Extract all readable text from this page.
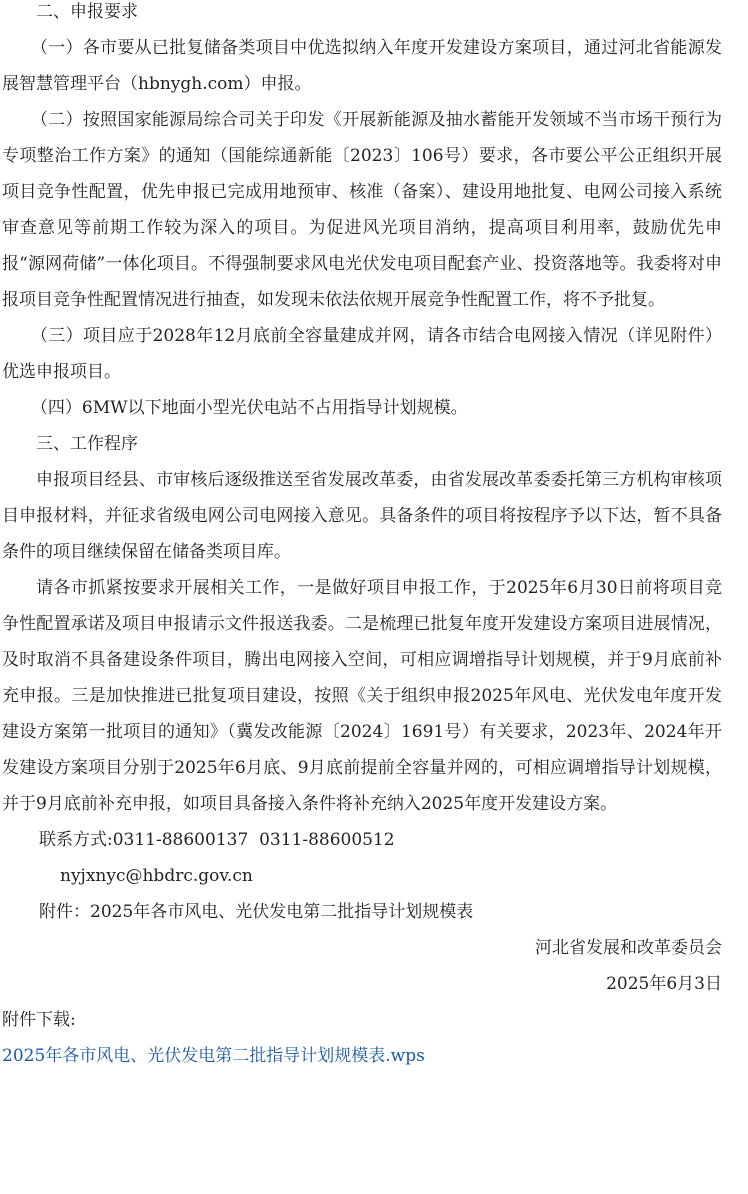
二、申报要求

（一）各市要从已批复储备类项目中优选拟纳入年度开发建设方案项目，通过河北省能源发展智慧管理平台（hbnygh.com）申报。

（二）按照国家能源局综合司关于印发《开展新能源及抽水蓄能开发领域不当市场干预行为专项整治工作方案》的通知（国能综通新能〔2023〕106号）要求，各市要公平公正组织开展项目竞争性配置，优先申报已完成用地预审、核准（备案）、建设用地批复、电网公司接入系统审查意见等前期工作较为深入的项目。为促进风光项目消纳，提高项目利用率，鼓励优先申报“源网荷储”一体化项目。不得强制要求风电光伏发电项目配套产业、投资落地等。我委将对申报项目竞争性配置情况进行抽查，如发现未依法依规开展竞争性配置工作，将不予批复。

（三）项目应于2028年12月底前全容量建成并网，请各市结合电网接入情况（详见附件）优选申报项目。

（四）6MW以下地面小型光伏电站不占用指导计划规模。

三、工作程序

申报项目经县、市审核后逐级推送至省发展改革委，由省发展改革委委托第三方机构审核项目申报材料，并征求省级电网公司电网接入意见。具备条件的项目将按程序予以下达，暂不具备条件的项目继续保留在储备类项目库。

请各市抓紧按要求开展相关工作，一是做好项目申报工作，于2025年6月30日前将项目竞争性配置承诺及项目申报请示文件报送我委。二是梳理已批复年度开发建设方案项目进展情况，及时取消不具备建设条件项目，腾出电网接入空间，可相应调增指导计划规模，并于9月底前补充申报。三是加快推进已批复项目建设，按照《关于组织申报2025年风电、光伏发电年度开发建设方案第一批项目的通知》（冀发改能源〔2024〕1691号）有关要求，2023年、2024年开发建设方案项目分别于2025年6月底、9月底前提前全容量并网的，可相应调增指导计划规模，并于9月底前补充申报，如项目具备接入条件将补充纳入2025年度开发建设方案。

联系方式:0311-88600137  0311-88600512

nyjxnyc@hbdrc.gov.cn

附件：2025年各市风电、光伏发电第二批指导计划规模表

河北省发展和改革委员会

2025年6月3日

附件下载:

2025年各市风电、光伏发电第二批指导计划规模表.wps
